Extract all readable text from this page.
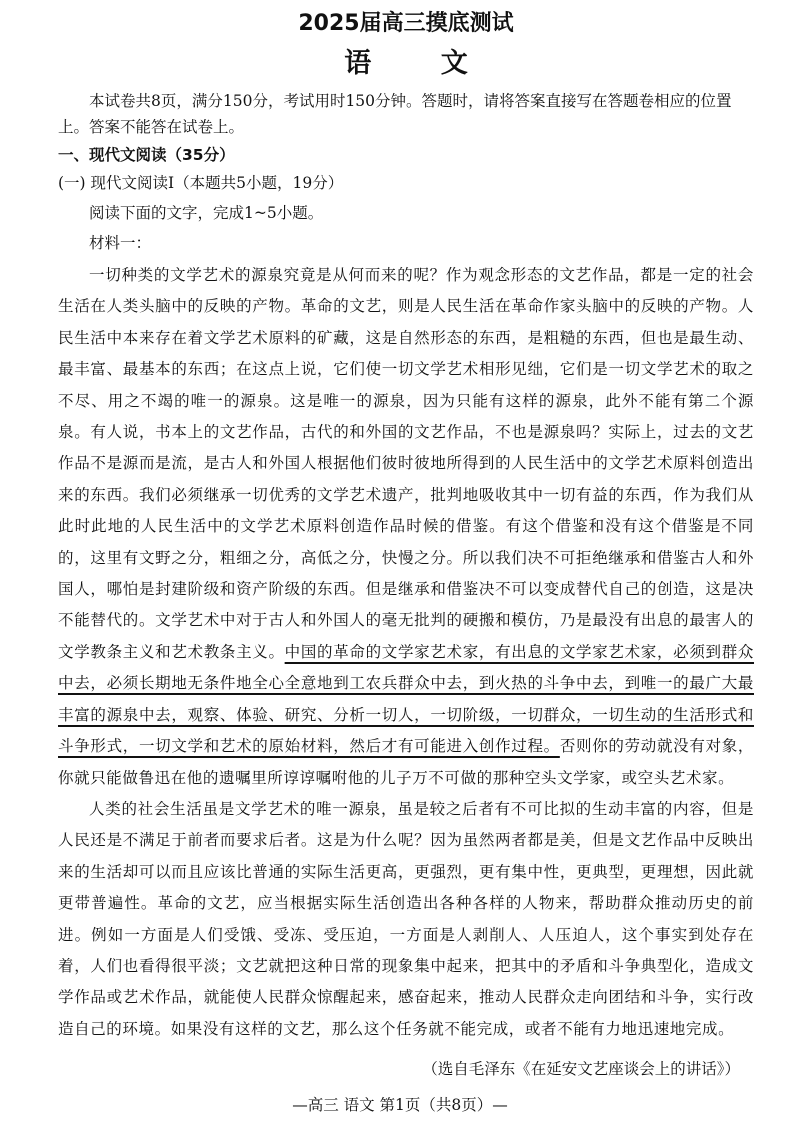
2025届高三摸底测试
语 文

本试卷共8页，满分150分，考试用时150分钟。答题时，请将答案直接写在答题卷相应的位置上。答案不能答在试卷上。

一、现代文阅读（35分）
(一) 现代文阅读Ⅰ（本题共5小题，19分）
阅读下面的文字，完成1~5小题。
材料一：

一切种类的文学艺术的源泉究竟是从何而来的呢？作为观念形态的文艺作品，都是一定的社会生活在人类头脑中的反映的产物。革命的文艺，则是人民生活在革命作家头脑中的反映的产物。人民生活中本来存在着文学艺术原料的矿藏，这是自然形态的东西，是粗糙的东西，但也是最生动、最丰富、最基本的东西；在这点上说，它们使一切文学艺术相形见绌，它们是一切文学艺术的取之不尽、用之不竭的唯一的源泉。这是唯一的源泉，因为只能有这样的源泉，此外不能有第二个源泉。有人说，书本上的文艺作品，古代的和外国的文艺作品，不也是源泉吗？实际上，过去的文艺作品不是源而是流，是古人和外国人根据他们彼时彼地所得到的人民生活中的文学艺术原料创造出来的东西。我们必须继承一切优秀的文学艺术遗产，批判地吸收其中一切有益的东西，作为我们从此时此地的人民生活中的文学艺术原料创造作品时候的借鉴。有这个借鉴和没有这个借鉴是不同的，这里有文野之分，粗细之分，高低之分，快慢之分。所以我们决不可拒绝继承和借鉴古人和外国人，哪怕是封建阶级和资产阶级的东西。但是继承和借鉴决不可以变成替代自己的创造，这是决不能替代的。文学艺术中对于古人和外国人的毫无批判的硬搬和模仿，乃是最没有出息的最害人的文学教条主义和艺术教条主义。中国的革命的文学家艺术家，有出息的文学家艺术家，必须到群众中去，必须长期地无条件地全心全意地到工农兵群众中去，到火热的斗争中去，到唯一的最广大最丰富的源泉中去，观察、体验、研究、分析一切人，一切阶级，一切群众，一切生动的生活形式和斗争形式，一切文学和艺术的原始材料，然后才有可能进入创作过程。否则你的劳动就没有对象，你就只能做鲁迅在他的遗嘱里所谆谆嘱咐他的儿子万不可做的那种空头文学家，或空头艺术家。

人类的社会生活虽是文学艺术的唯一源泉，虽是较之后者有不可比拟的生动丰富的内容，但是人民还是不满足于前者而要求后者。这是为什么呢？因为虽然两者都是美，但是文艺作品中反映出来的生活却可以而且应该比普通的实际生活更高，更强烈，更有集中性，更典型，更理想，因此就更带普遍性。革命的文艺，应当根据实际生活创造出各种各样的人物来，帮助群众推动历史的前进。例如一方面是人们受饿、受冻、受压迫，一方面是人剥削人、人压迫人，这个事实到处存在着，人们也看得很平淡；文艺就把这种日常的现象集中起来，把其中的矛盾和斗争典型化，造成文学作品或艺术作品，就能使人民群众惊醒起来，感奋起来，推动人民群众走向团结和斗争，实行改造自己的环境。如果没有这样的文艺，那么这个任务就不能完成，或者不能有力地迅速地完成。

（选自毛泽东《在延安文艺座谈会上的讲话》）
—高三 语文 第1页（共8页）—
